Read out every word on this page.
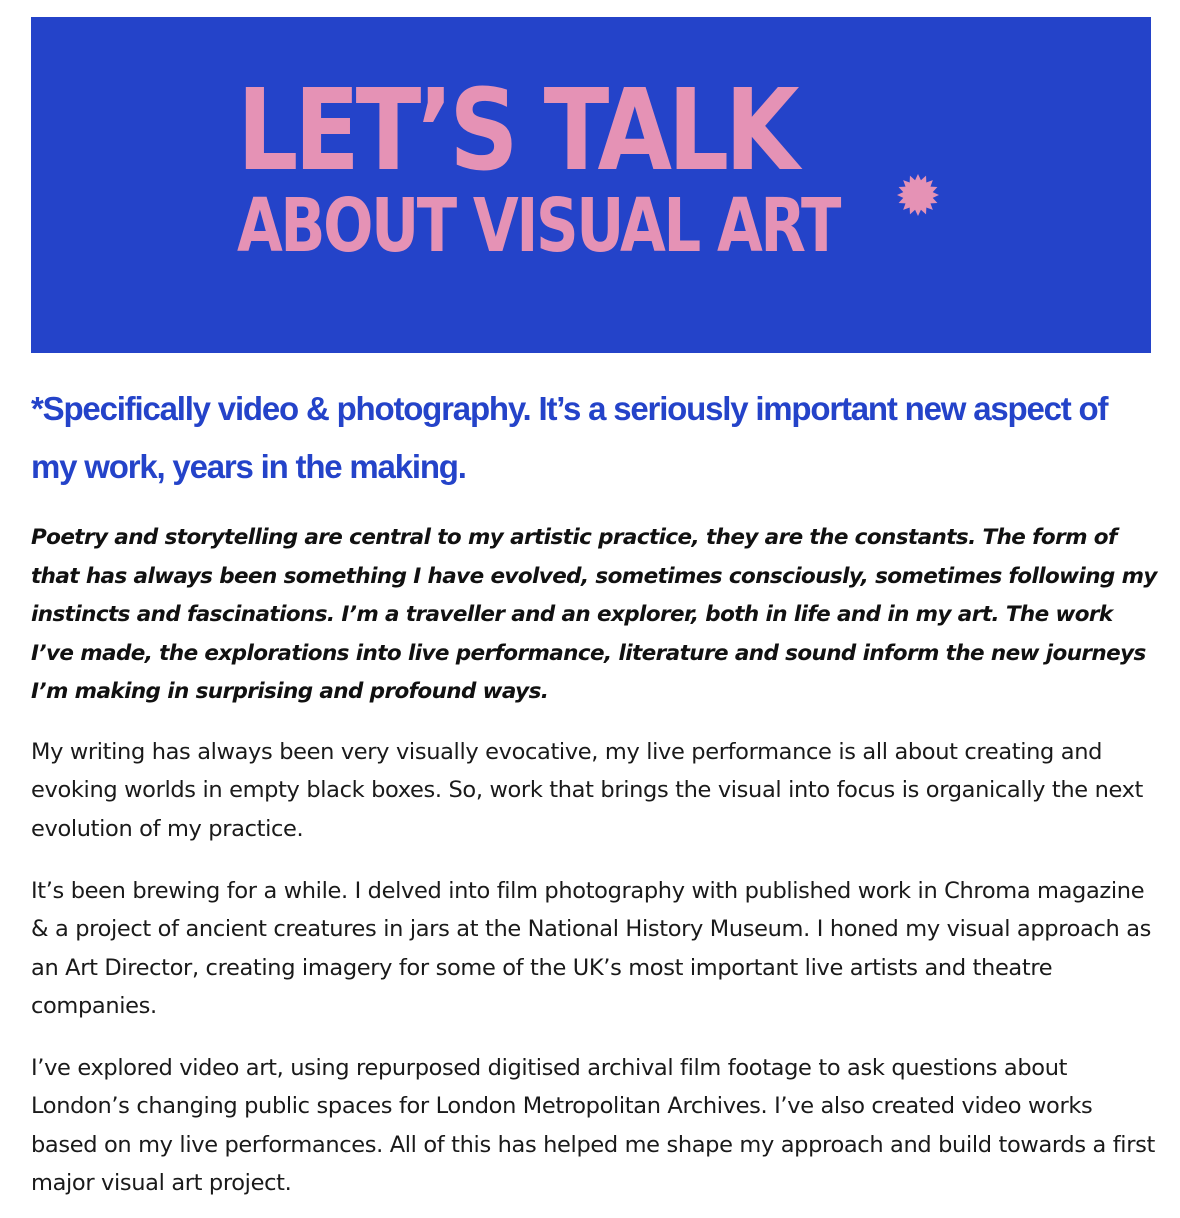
LET’S TALK
ABOUT VISUAL ART

*Specifically video & photography. It’s a seriously important new aspect of my work, years in the making.

Poetry and storytelling are central to my artistic practice, they are the constants. The form of that has always been something I have evolved, sometimes consciously, sometimes following my instincts and fascinations. I’m a traveller and an explorer, both in life and in my art. The work I’ve made, the explorations into live performance, literature and sound inform the new journeys I’m making in surprising and profound ways.

My writing has always been very visually evocative, my live performance is all about creating and evoking worlds in empty black boxes. So, work that brings the visual into focus is organically the next evolution of my practice.

It’s been brewing for a while. I delved into film photography with published work in Chroma magazine & a project of ancient creatures in jars at the National History Museum. I honed my visual approach as an Art Director, creating imagery for some of the UK’s most important live artists and theatre companies.

I’ve explored video art, using repurposed digitised archival film footage to ask questions about London’s changing public spaces for London Metropolitan Archives. I’ve also created video works based on my live performances. All of this has helped me shape my approach and build towards a first major visual art project.
